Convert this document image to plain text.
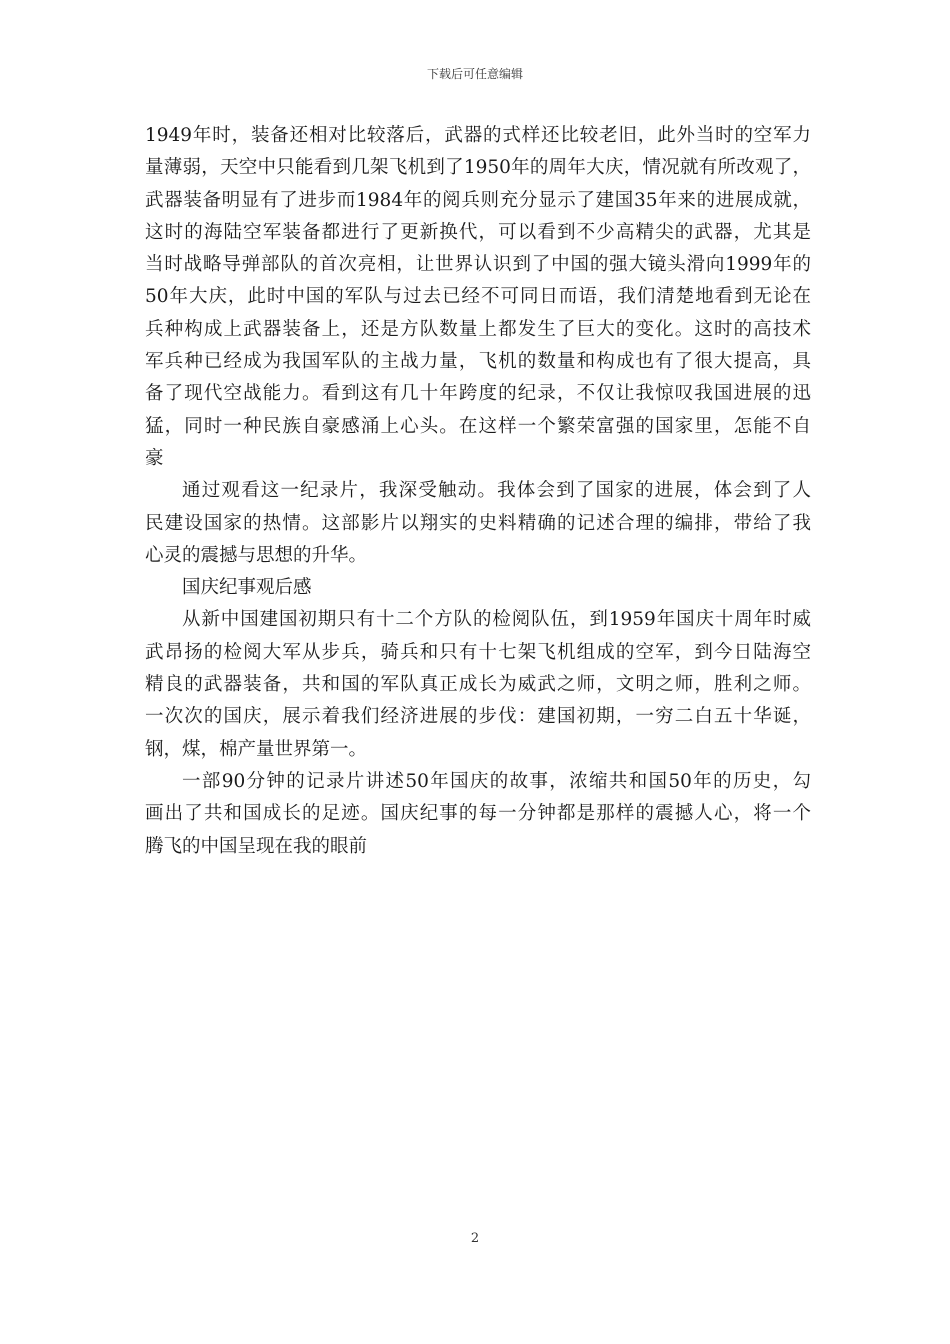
下载后可任意编辑
1949年时，装备还相对比较落后，武器的式样还比较老旧，此外当时的空军力
量薄弱，天空中只能看到几架飞机到了1950年的周年大庆，情况就有所改观了，
武器装备明显有了进步而1984年的阅兵则充分显示了建国35年来的进展成就，
这时的海陆空军装备都进行了更新换代，可以看到不少高精尖的武器，尤其是
当时战略导弹部队的首次亮相，让世界认识到了中国的强大镜头滑向1999年的
50年大庆，此时中国的军队与过去已经不可同日而语，我们清楚地看到无论在
兵种构成上武器装备上，还是方队数量上都发生了巨大的变化。这时的高技术
军兵种已经成为我国军队的主战力量，飞机的数量和构成也有了很大提高，具
备了现代空战能力。看到这有几十年跨度的纪录，不仅让我惊叹我国进展的迅
猛，同时一种民族自豪感涌上心头。在这样一个繁荣富强的国家里，怎能不自
豪
通过观看这一纪录片，我深受触动。我体会到了国家的进展，体会到了人
民建设国家的热情。这部影片以翔实的史料精确的记述合理的编排，带给了我
心灵的震撼与思想的升华。
国庆纪事观后感
从新中国建国初期只有十二个方队的检阅队伍，到1959年国庆十周年时威
武昂扬的检阅大军从步兵，骑兵和只有十七架飞机组成的空军，到今日陆海空
精良的武器装备，共和国的军队真正成长为威武之师，文明之师，胜利之师。
一次次的国庆，展示着我们经济进展的步伐：建国初期，一穷二白五十华诞，
钢，煤，棉产量世界第一。
一部90分钟的记录片讲述50年国庆的故事，浓缩共和国50年的历史，勾
画出了共和国成长的足迹。国庆纪事的每一分钟都是那样的震撼人心，将一个
腾飞的中国呈现在我的眼前
2
